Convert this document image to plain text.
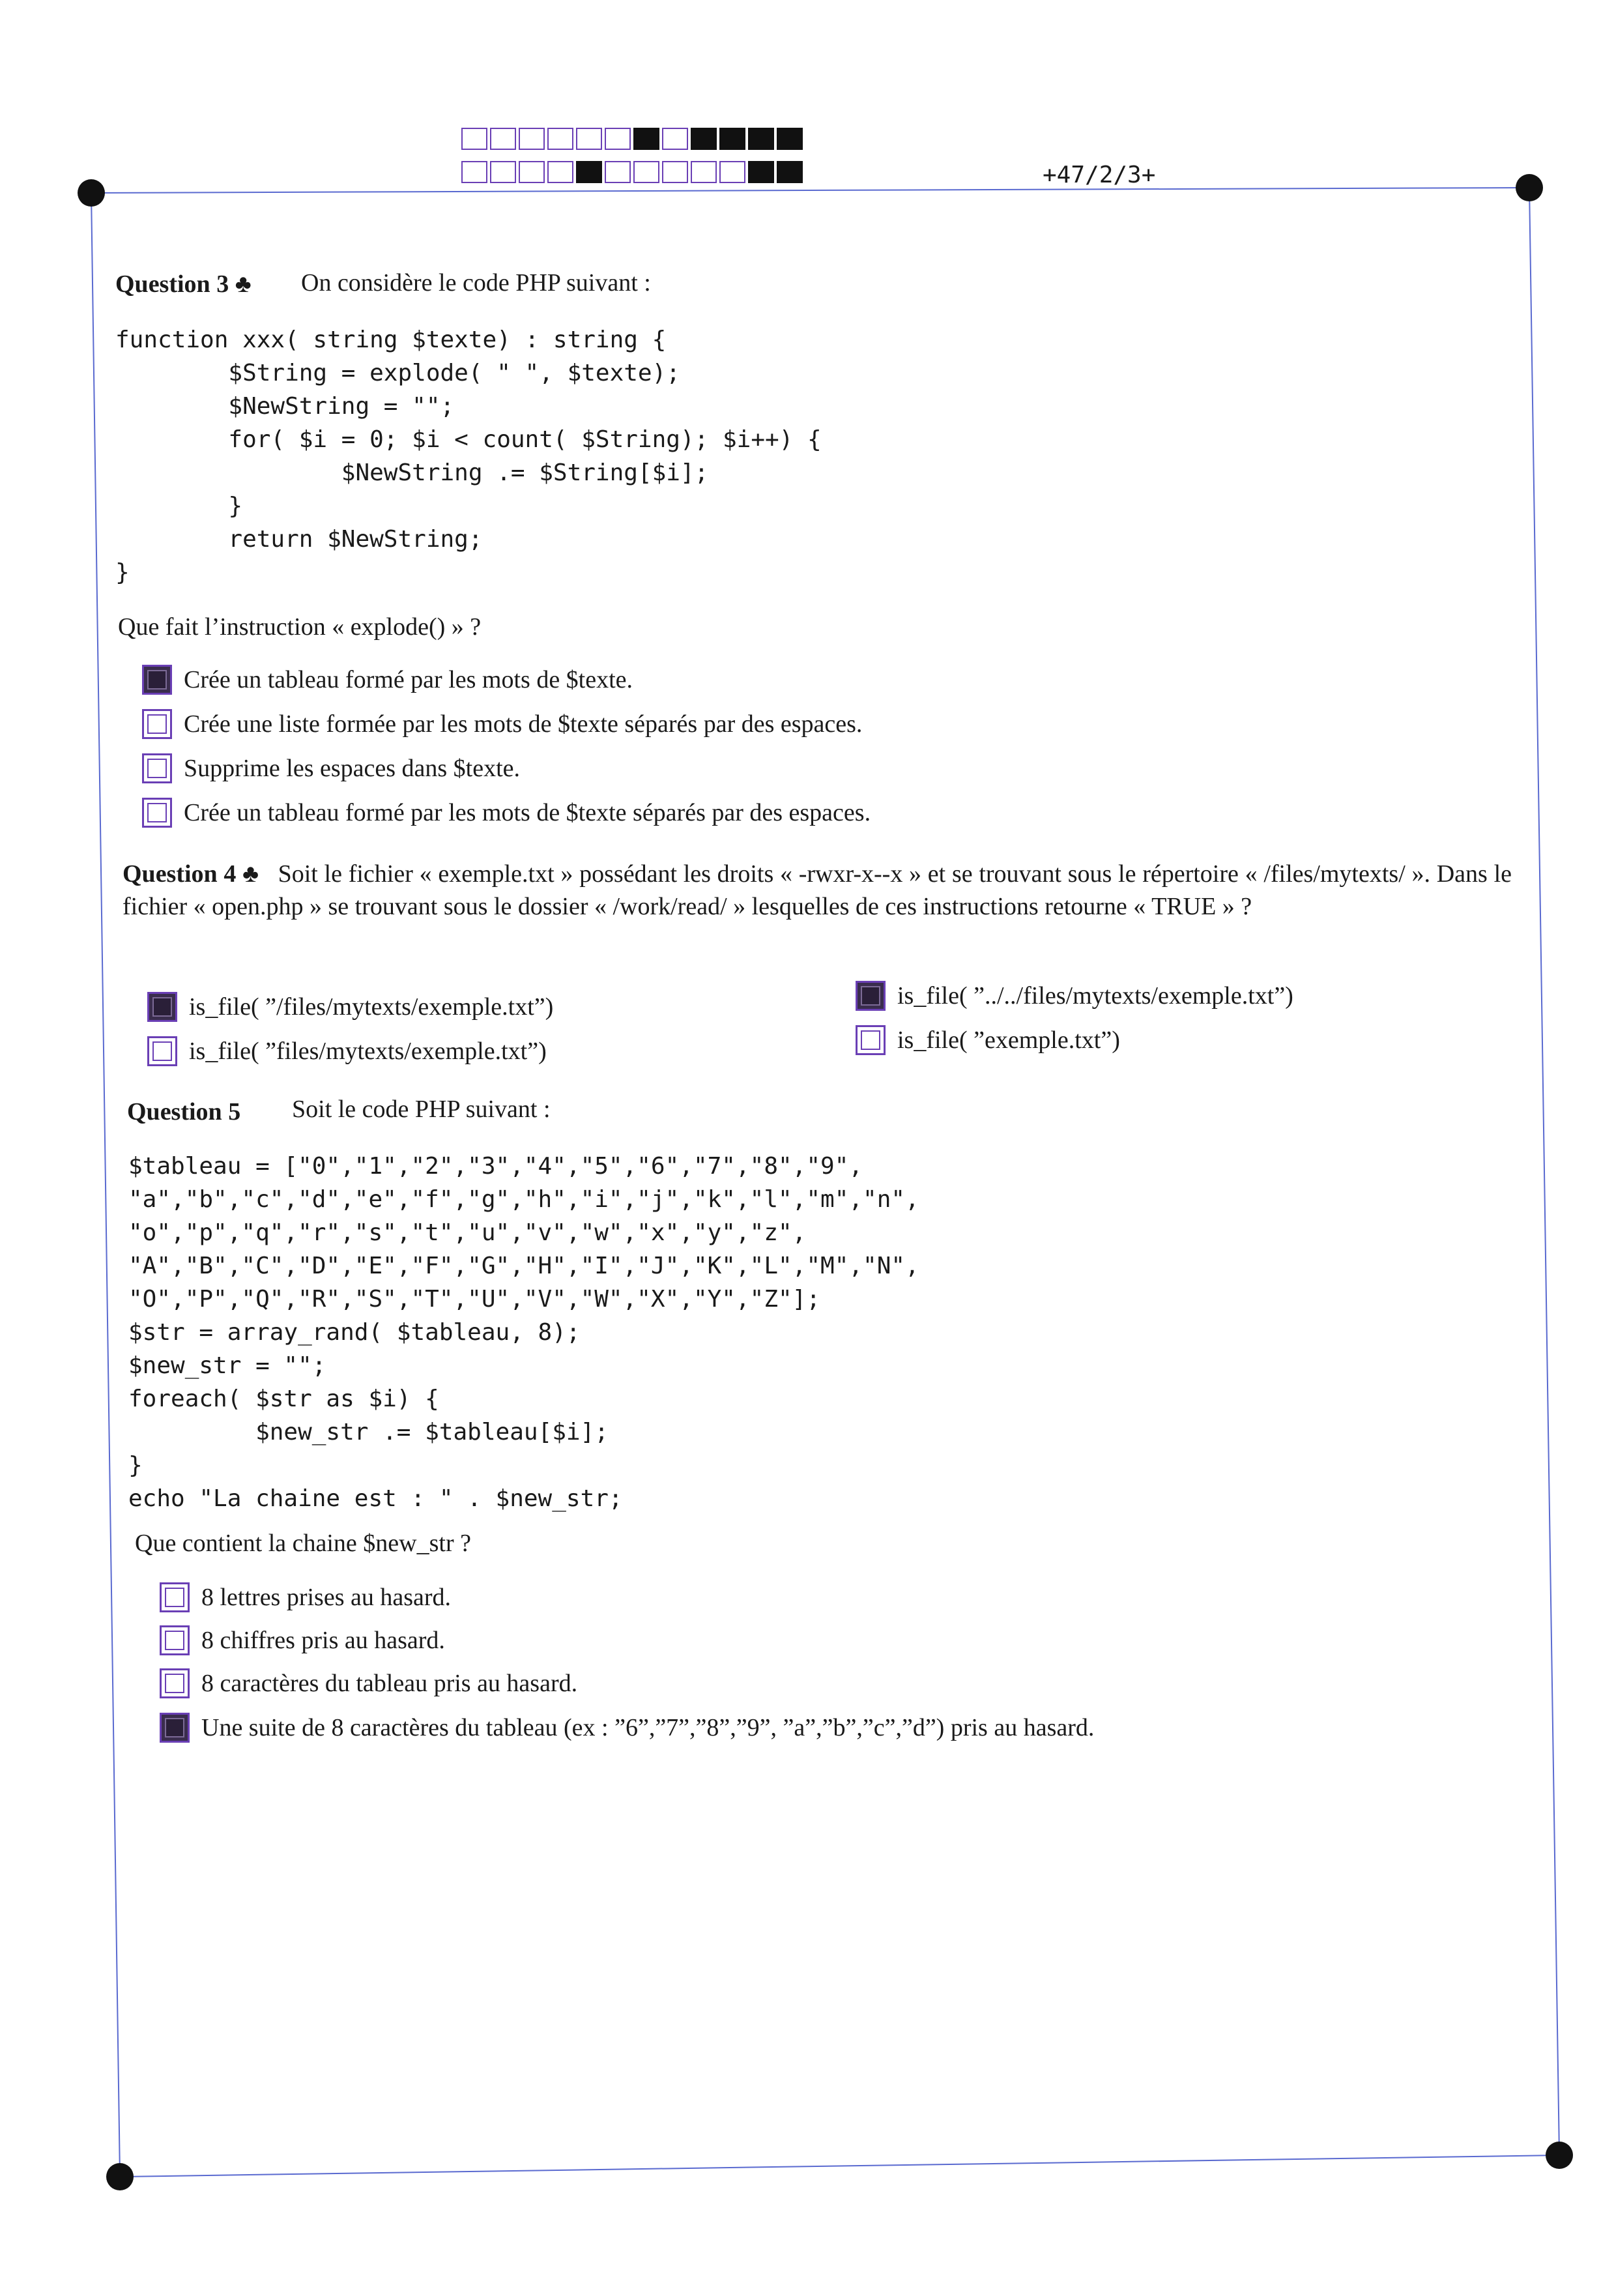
+47/2/3+
Question 3 ♣ On considère le code PHP suivant :
function xxx( string $texte) : string {
$String = explode( " ", $texte);
$NewString = "";
for( $i = 0; $i < count( $String); $i++) {
$NewString .= $String[$i];
}
return $NewString;
}
Que fait l’instruction « explode() » ?
Crée un tableau formé par les mots de $texte.
Crée une liste formée par les mots de $texte séparés par des espaces.
Supprime les espaces dans $texte.
Crée un tableau formé par les mots de $texte séparés par des espaces.
Question 4 ♣ Soit le fichier « exemple.txt » possédant les droits « -rwxr-x--x » et se trouvant sous le répertoire « /files/mytexts/ ». Dans le fichier « open.php » se trouvant sous le dossier « /work/read/ » lesquelles de ces instructions retourne « TRUE » ?
is_file( ”/files/mytexts/exemple.txt”)
is_file( ”files/mytexts/exemple.txt”)
is_file( ”../../files/mytexts/exemple.txt”)
is_file( ”exemple.txt”)
Question 5 Soit le code PHP suivant :
$tableau = ["0","1","2","3","4","5","6","7","8","9",
"a","b","c","d","e","f","g","h","i","j","k","l","m","n",
"o","p","q","r","s","t","u","v","w","x","y","z",
"A","B","C","D","E","F","G","H","I","J","K","L","M","N",
"O","P","Q","R","S","T","U","V","W","X","Y","Z"];
$str = array_rand( $tableau, 8);
$new_str = "";
foreach( $str as $i) {
$new_str .= $tableau[$i];
}
echo "La chaine est : " . $new_str;
Que contient la chaine $new_str ?
8 lettres prises au hasard.
8 chiffres pris au hasard.
8 caractères du tableau pris au hasard.
Une suite de 8 caractères du tableau (ex : ”6”,”7”,”8”,”9”, ”a”,”b”,”c”,”d”) pris au hasard.
